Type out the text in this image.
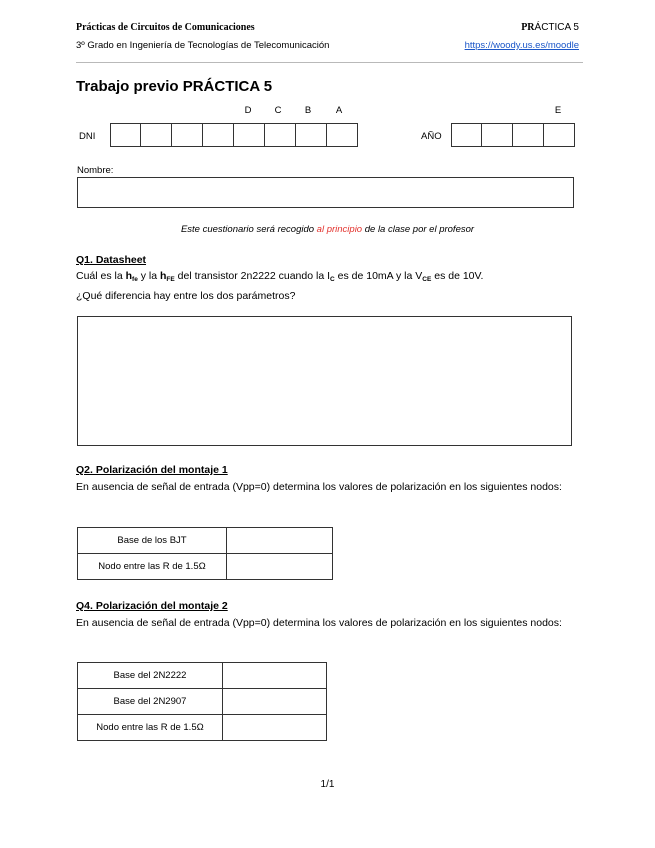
Prácticas de Circuitos de Comunicaciones
3º Grado en Ingeniería de Tecnologías de Telecomunicación
PRÁCTICA 5
https://woody.us.es/moodle
Trabajo previo PRÁCTICA 5
D	C	B	A	E
DNI	AÑO
Nombre:
Este cuestionario será recogido al principio de la clase por el profesor
Q1. Datasheet
Cuál es la $h_{fe}$ y la $h_{FE}$ del transistor 2n2222 cuando la $I_C$ es de 10mA y la $V_{CE}$ es de 10V.
¿Qué diferencia hay entre los dos parámetros?
Q2. Polarización del montaje 1
En ausencia de señal de entrada (Vpp=0) determina los valores de polarización en los siguientes nodos:
Base de los BJT	
Nodo entre las R de 1.5Ω	
Q4. Polarización del montaje 2
En ausencia de señal de entrada (Vpp=0) determina los valores de polarización en los siguientes nodos:
Base del 2N2222	
Base del 2N2907	
Nodo entre las R de 1.5Ω	
1/1
